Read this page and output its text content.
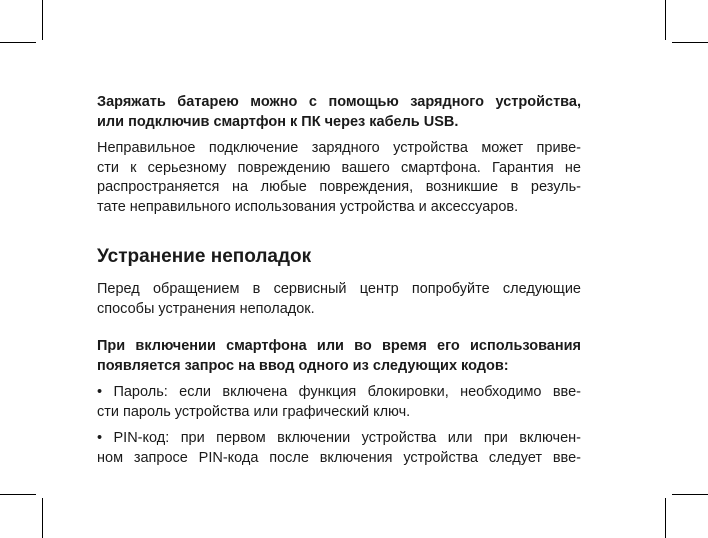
Заряжать батарею можно с помощью зарядного устройства,

или подключив смартфон к ПК через кабель USB.

Неправильное подключение зарядного устройства может приве-

сти к серьезному повреждению вашего смартфона. Гарантия не

распространяется на любые повреждения, возникшие в резуль-

тате неправильного использования устройства и аксессуаров.

Устранение неполадок

Перед обращением в сервисный центр попробуйте следующие

способы устранения неполадок.

При включении смартфона или во время его использования

появляется запрос на ввод одного из следующих кодов:

• Пароль: если включена функция блокировки, необходимо вве-

сти пароль устройства или графический ключ.

• PIN-код: при первом включении устройства или при включен-

ном запросе PIN-кода после включения устройства следует вве-
